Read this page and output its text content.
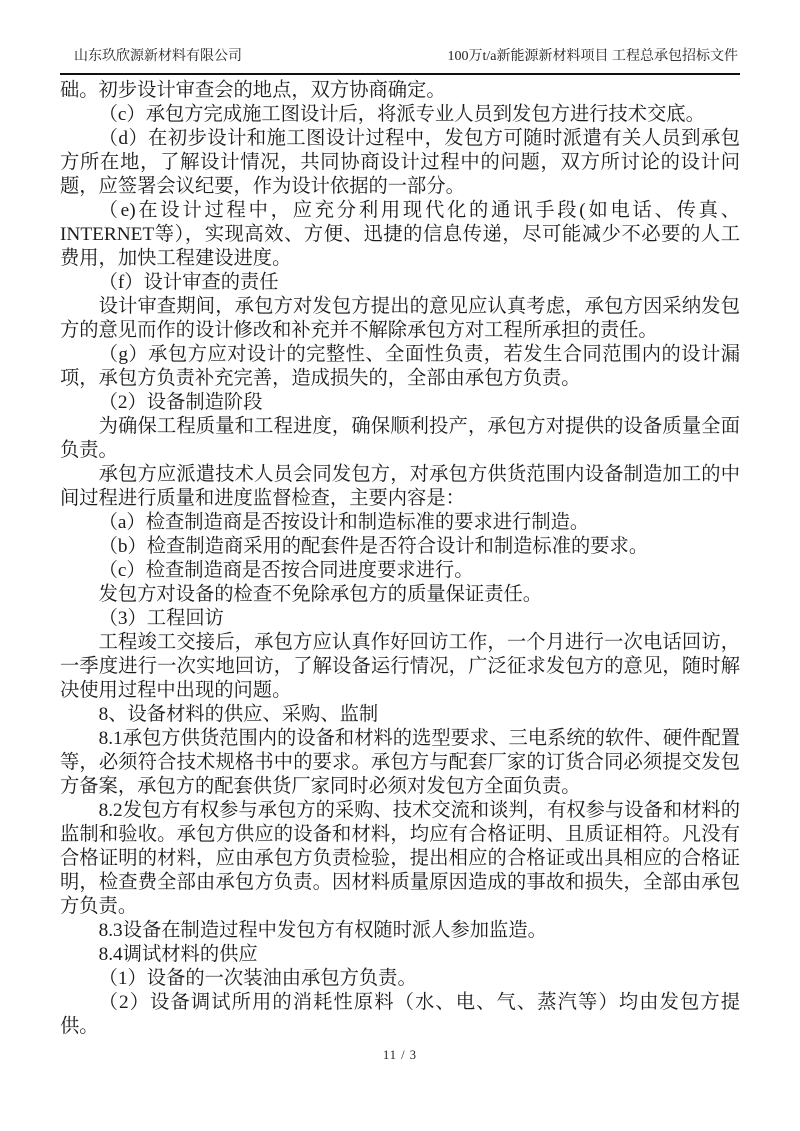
山东玖欣源新材料有限公司	100万t/a新能源新材料项目 工程总承包招标文件

础。初步设计审查会的地点，双方协商确定。

（c）承包方完成施工图设计后，将派专业人员到发包方进行技术交底。

（d）在初步设计和施工图设计过程中，发包方可随时派遣有关人员到承包方所在地，了解设计情况，共同协商设计过程中的问题，双方所讨论的设计问题，应签署会议纪要，作为设计依据的一部分。

（e)在设计过程中，应充分利用现代化的通讯手段(如电话、传真、INTERNET等），实现高效、方便、迅捷的信息传递，尽可能减少不必要的人工费用，加快工程建设进度。

（f）设计审查的责任

设计审查期间，承包方对发包方提出的意见应认真考虑，承包方因采纳发包方的意见而作的设计修改和补充并不解除承包方对工程所承担的责任。

（g）承包方应对设计的完整性、全面性负责，若发生合同范围内的设计漏项，承包方负责补充完善，造成损失的，全部由承包方负责。

（2）设备制造阶段

为确保工程质量和工程进度，确保顺利投产，承包方对提供的设备质量全面负责。

承包方应派遣技术人员会同发包方，对承包方供货范围内设备制造加工的中间过程进行质量和进度监督检查，主要内容是：

（a）检查制造商是否按设计和制造标准的要求进行制造。

（b）检查制造商采用的配套件是否符合设计和制造标准的要求。

（c）检查制造商是否按合同进度要求进行。

发包方对设备的检查不免除承包方的质量保证责任。

（3）工程回访

工程竣工交接后，承包方应认真作好回访工作，一个月进行一次电话回访，一季度进行一次实地回访，了解设备运行情况，广泛征求发包方的意见，随时解决使用过程中出现的问题。

8、设备材料的供应、采购、监制

8.1承包方供货范围内的设备和材料的选型要求、三电系统的软件、硬件配置等，必须符合技术规格书中的要求。承包方与配套厂家的订货合同必须提交发包方备案，承包方的配套供货厂家同时必须对发包方全面负责。

8.2发包方有权参与承包方的采购、技术交流和谈判，有权参与设备和材料的监制和验收。承包方供应的设备和材料，均应有合格证明、且质证相符。凡没有合格证明的材料，应由承包方负责检验，提出相应的合格证或出具相应的合格证明，检查费全部由承包方负责。因材料质量原因造成的事故和损失，全部由承包方负责。

8.3设备在制造过程中发包方有权随时派人参加监造。

8.4调试材料的供应

（1）设备的一次装油由承包方负责。

（2）设备调试所用的消耗性原料（水、电、气、蒸汽等）均由发包方提供。

11 / 3
